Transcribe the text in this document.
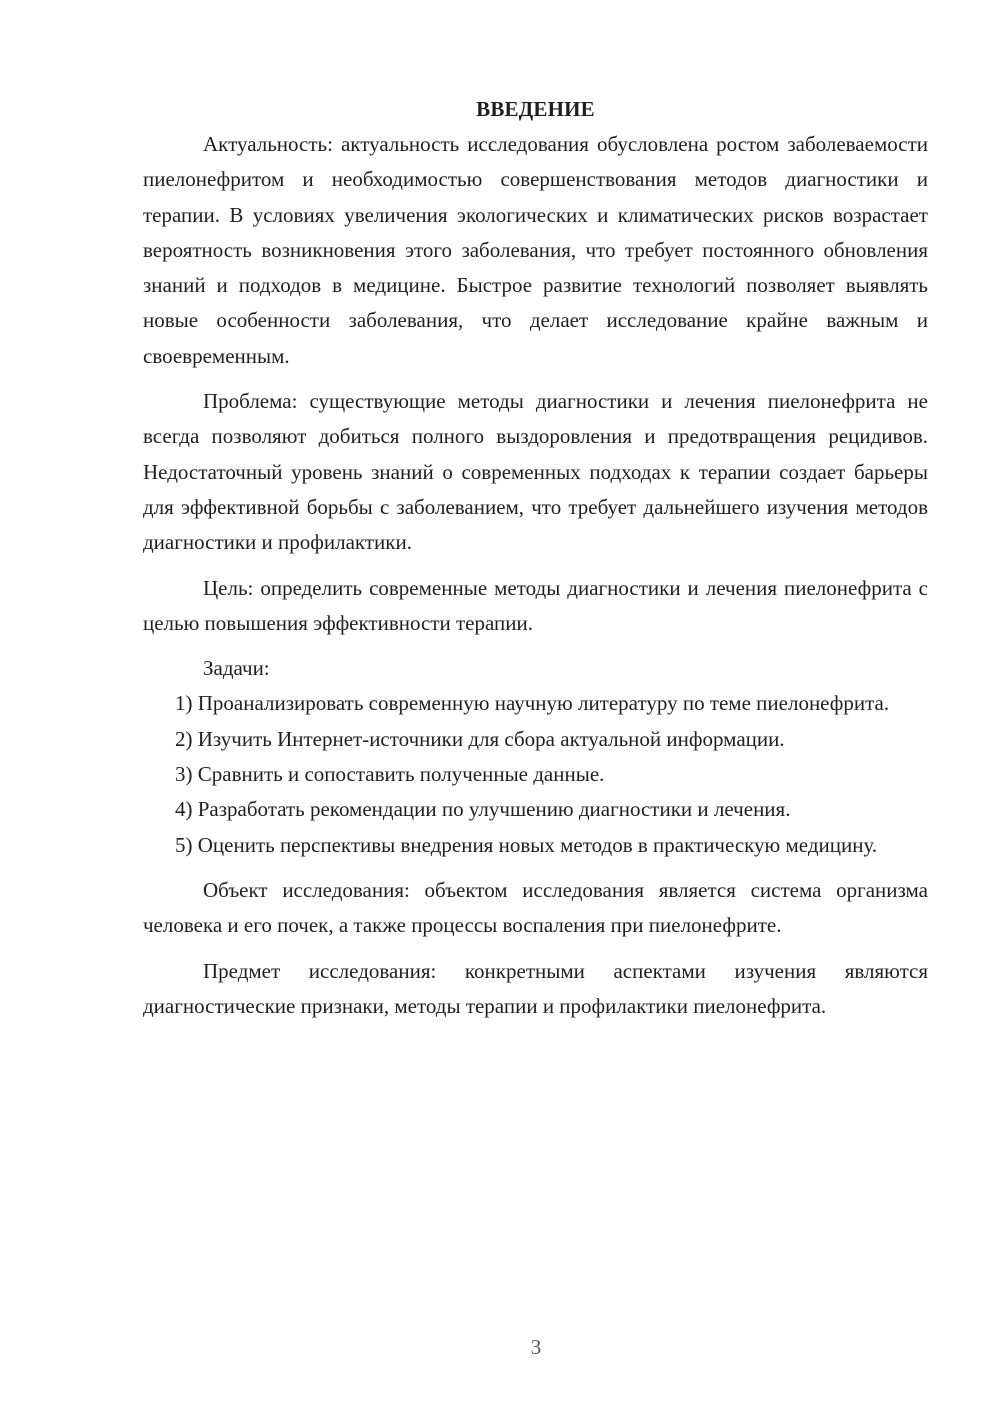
ВВЕДЕНИЕ

Актуальность: актуальность исследования обусловлена ростом заболеваемости пиелонефритом и необходимостью совершенствования методов диагностики и терапии. В условиях увеличения экологических и климатических рисков возрастает вероятность возникновения этого заболевания, что требует постоянного обновления знаний и подходов в медицине. Быстрое развитие технологий позволяет выявлять новые особенности заболевания, что делает исследование крайне важным и своевременным.

Проблема: существующие методы диагностики и лечения пиелонефрита не всегда позволяют добиться полного выздоровления и предотвращения рецидивов. Недостаточный уровень знаний о современных подходах к терапии создает барьеры для эффективной борьбы с заболеванием, что требует дальнейшего изучения методов диагностики и профилактики.

Цель: определить современные методы диагностики и лечения пиелонефрита с целью повышения эффективности терапии.

Задачи:

1) Проанализировать современную научную литературу по теме пиелонефрита.

2) Изучить Интернет-источники для сбора актуальной информации.

3) Сравнить и сопоставить полученные данные.

4) Разработать рекомендации по улучшению диагностики и лечения.

5) Оценить перспективы внедрения новых методов в практическую медицину.

Объект исследования: объектом исследования является система организма человека и его почек, а также процессы воспаления при пиелонефрите.

Предмет исследования: конкретными аспектами изучения являются диагностические признаки, методы терапии и профилактики пиелонефрита.

3
